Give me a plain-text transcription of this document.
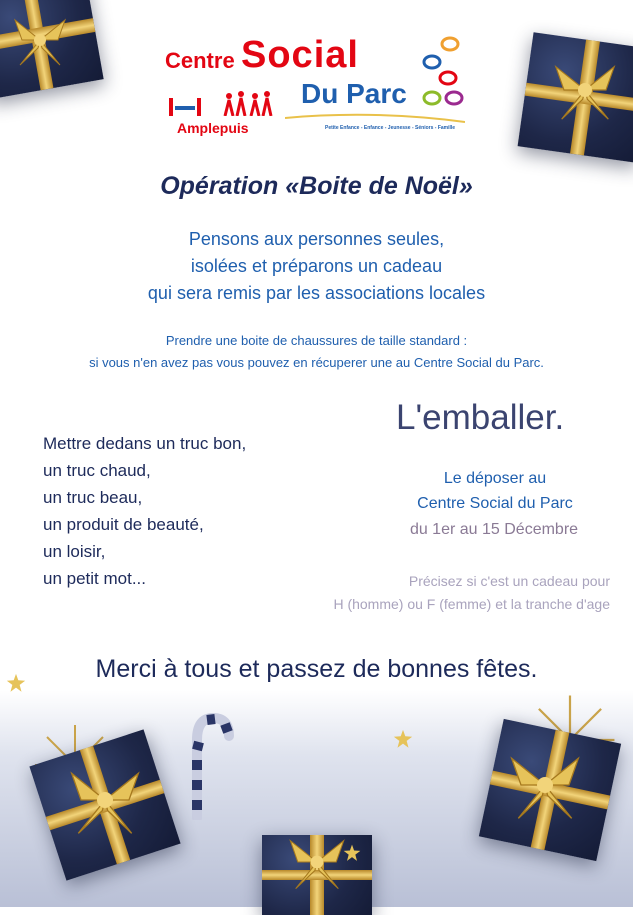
Centre Social
Du Parc
Amplepuis	Petite Enfance - Enfance - Jeunesse - Séniors - Famille
Opération «Boite de Noël»
Pensons aux personnes seules,
isolées et préparons un cadeau
qui sera remis par les associations locales
Prendre une boite de chaussures de taille standard :
si vous n'en avez pas vous pouvez en récuperer une au Centre Social du Parc.
Mettre dedans un truc bon,
un truc chaud,
un truc beau,
un produit de beauté,
un loisir,
un petit mot...
L'emballer.
Le déposer au
Centre Social du Parc
du 1er au 15 Décembre
Précisez si c'est un cadeau pour
H (homme) ou F (femme) et la tranche d'age
Merci à tous et passez de bonnes fêtes.
